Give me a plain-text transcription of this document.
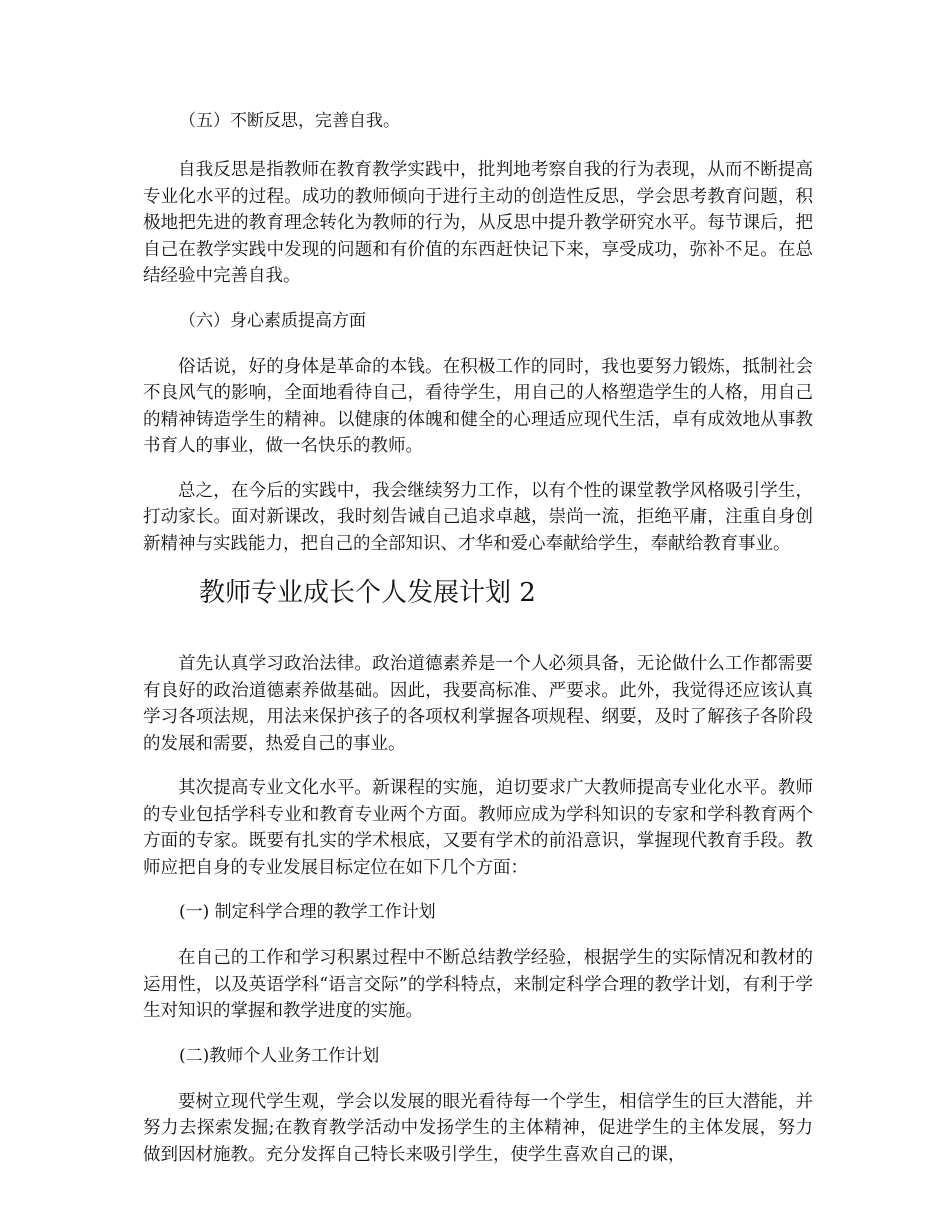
（五）不断反思，完善自我。

自我反思是指教师在教育教学实践中，批判地考察自我的行为表现，从而不断提高专业化水平的过程。成功的教师倾向于进行主动的创造性反思，学会思考教育问题，积极地把先进的教育理念转化为教师的行为，从反思中提升教学研究水平。每节课后，把自己在教学实践中发现的问题和有价值的东西赶快记下来，享受成功，弥补不足。在总结经验中完善自我。

（六）身心素质提高方面

俗话说，好的身体是革命的本钱。在积极工作的同时，我也要努力锻炼，抵制社会不良风气的影响，全面地看待自己，看待学生，用自己的人格塑造学生的人格，用自己的精神铸造学生的精神。以健康的体魄和健全的心理适应现代生活，卓有成效地从事教书育人的事业，做一名快乐的教师。

总之，在今后的实践中，我会继续努力工作，以有个性的课堂教学风格吸引学生，打动家长。面对新课改，我时刻告诫自己追求卓越，崇尚一流，拒绝平庸，注重自身创新精神与实践能力，把自己的全部知识、才华和爱心奉献给学生，奉献给教育事业。

教师专业成长个人发展计划 2

首先认真学习政治法律。政治道德素养是一个人必须具备，无论做什么工作都需要有良好的政治道德素养做基础。因此，我要高标准、严要求。此外，我觉得还应该认真学习各项法规，用法来保护孩子的各项权利掌握各项规程、纲要，及时了解孩子各阶段的发展和需要，热爱自己的事业。

其次提高专业文化水平。新课程的实施，迫切要求广大教师提高专业化水平。教师的专业包括学科专业和教育专业两个方面。教师应成为学科知识的专家和学科教育两个方面的专家。既要有扎实的学术根底，又要有学术的前沿意识，掌握现代教育手段。教师应把自身的专业发展目标定位在如下几个方面：

(一) 制定科学合理的教学工作计划

在自己的工作和学习积累过程中不断总结教学经验，根据学生的实际情况和教材的运用性，以及英语学科“语言交际”的学科特点，来制定科学合理的教学计划，有利于学生对知识的掌握和教学进度的实施。

(二)教师个人业务工作计划

要树立现代学生观，学会以发展的眼光看待每一个学生，相信学生的巨大潜能，并努力去探索发掘;在教育教学活动中发扬学生的主体精神，促进学生的主体发展，努力做到因材施教。充分发挥自己特长来吸引学生，使学生喜欢自己的课，
